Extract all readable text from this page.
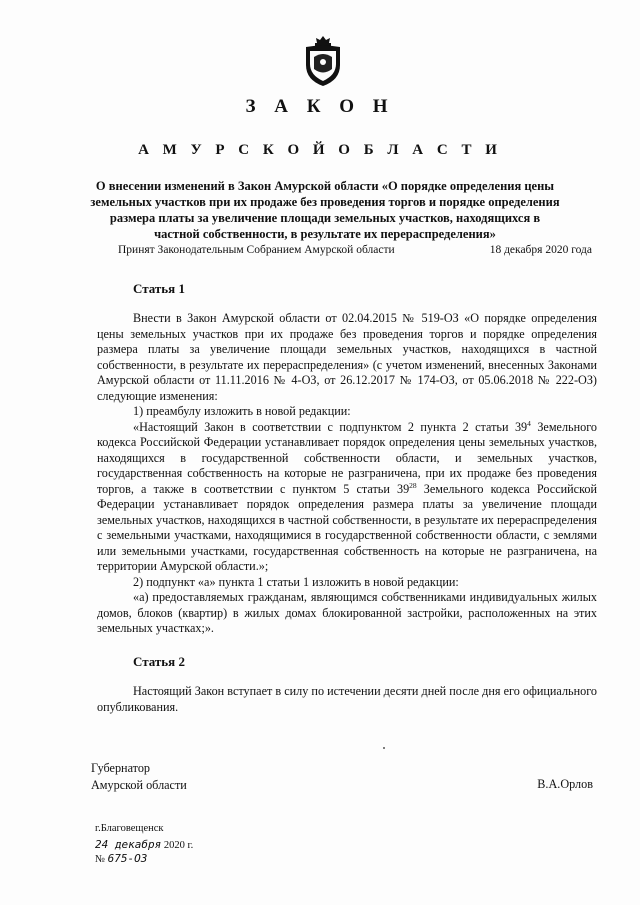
З А К О Н
А М У Р С К О Й О Б Л А С Т И
О внесении изменений в Закон Амурской области «О порядке определения цены земельных участков при их продаже без проведения торгов и порядке определения размера платы за увеличение площади земельных участков, находящихся в частной собственности, в результате их перераспределения»
Принят Законодательным Собранием Амурской области	18 декабря 2020 года
Статья 1

Внести в Закон Амурской области от 02.04.2015 № 519-ОЗ «О порядке определения цены земельных участков при их продаже без проведения торгов и порядке определения размера платы за увеличение площади земельных участков, находящихся в частной собственности, в результате их перераспределения» (с учетом изменений, внесенных Законами Амурской области от 11.11.2016 № 4-ОЗ, от 26.12.2017 № 174-ОЗ, от 05.06.2018 № 222-ОЗ) следующие изменения:

1) преамбулу изложить в новой редакции:

«Настоящий Закон в соответствии с подпунктом 2 пункта 2 статьи $39^4$ Земельного кодекса Российской Федерации устанавливает порядок определения цены земельных участков, находящихся в государственной собственности области, и земельных участков, государственная собственность на которые не разграничена, при их продаже без проведения торгов, а также в соответствии с пунктом 5 статьи $39^{28}$ Земельного кодекса Российской Федерации устанавливает порядок определения размера платы за увеличение площади земельных участков, находящихся в частной собственности, в результате их перераспределения с земельными участками, находящимися в государственной собственности области, с землями или земельными участками, государственная собственность на которые не разграничена, на территории Амурской области.»;

2) подпункт «а» пункта 1 статьи 1 изложить в новой редакции:

«а) предоставляемых гражданам, являющимся собственниками индивидуальных жилых домов, блоков (квартир) в жилых домах блокированной застройки, расположенных на этих земельных участках;».

Статья 2

Настоящий Закон вступает в силу по истечении десяти дней после дня его официального опубликования.

Губернатор
Амурской области	В.А.Орлов
г.Благовещенск
24 декабря 2020 г.
№ 675-ОЗ
